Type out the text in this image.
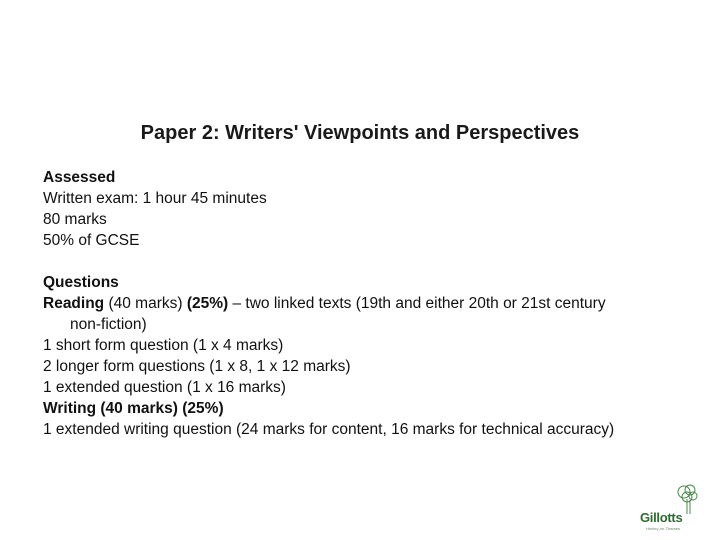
Paper 2: Writers' Viewpoints and Perspectives
Assessed
Written exam: 1 hour 45 minutes
80 marks
50% of GCSE
Questions
Reading (40 marks) (25%) – two linked texts (19th and either 20th or 21st century
non-fiction)
1 short form question (1 x 4 marks)
2 longer form questions (1 x 8, 1 x 12 marks)
1 extended question (1 x 16 marks)
Writing (40 marks) (25%)
1 extended writing question (24 marks for content, 16 marks for technical accuracy)
Gillotts
Henley-on-Thames
